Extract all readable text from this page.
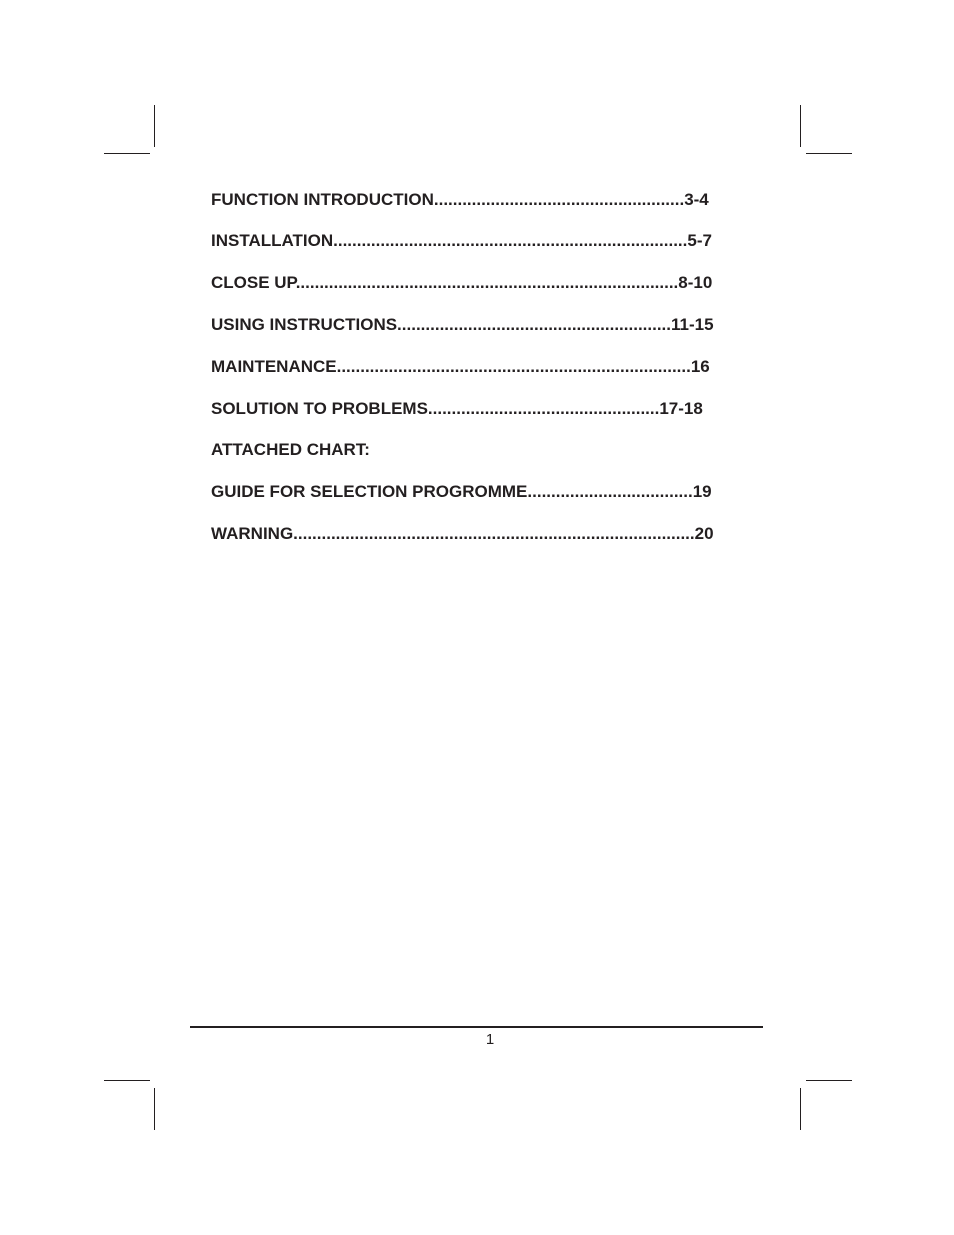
FUNCTION INTRODUCTION.....................................................3-4
INSTALLATION...........................................................................5-7
CLOSE UP.................................................................................8-10
USING INSTRUCTIONS..........................................................11-15
MAINTENANCE...........................................................................16
SOLUTION TO PROBLEMS.................................................17-18
ATTACHED CHART:
GUIDE FOR SELECTION PROGROMME...................................19
WARNING.....................................................................................20
1
